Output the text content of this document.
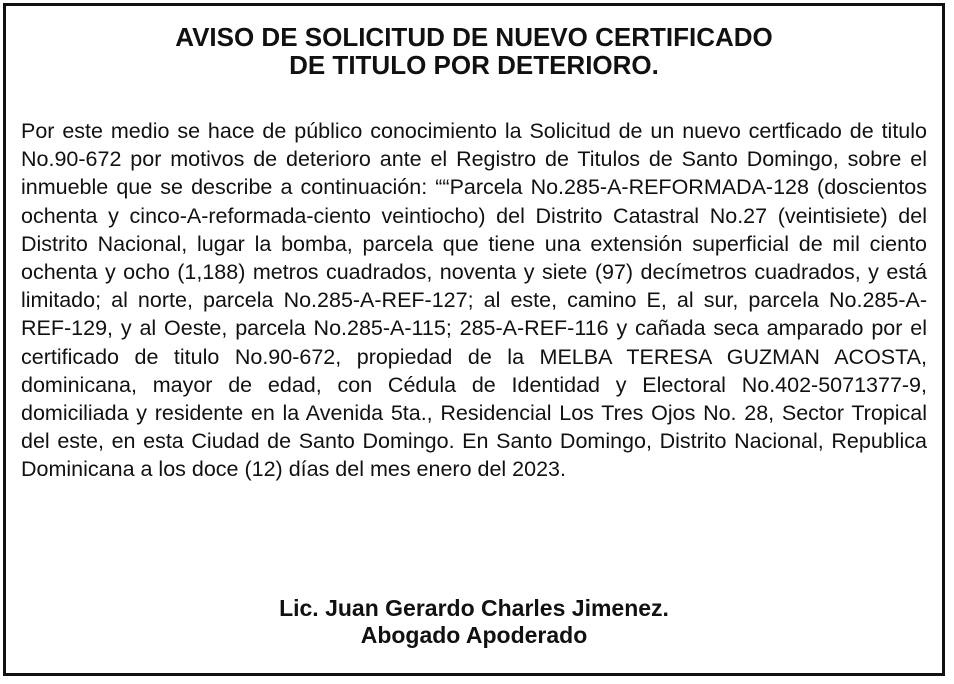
AVISO DE SOLICITUD DE NUEVO CERTIFICADO
DE TITULO POR DETERIORO.

Por este medio se hace de público conocimiento la Solicitud de un nuevo certficado de titulo No.90-672 por motivos de deterioro ante el Registro de Titulos de Santo Domingo, sobre el inmueble que se describe a continuación: ““Parcela No.285-A-REFORMADA-128 (doscientos ochenta y cinco-A-reformada-ciento veintiocho) del Distrito Catastral No.27 (veintisiete) del Distrito Nacional, lugar la bomba, parcela que tiene una extensión superficial de mil ciento ochenta y ocho (1,188) metros cuadrados, noventa y siete (97) decímetros cuadrados, y está limitado; al norte, parcela No.285-A-REF-127; al este, camino E, al sur, parcela No.285-A-REF-129, y al Oeste, parcela No.285-A-115; 285-A-REF-116 y cañada seca amparado por el certificado de titulo No.90-672, propiedad de la MELBA TERESA GUZMAN ACOSTA, dominicana, mayor de edad, con Cédula de Identidad y Electoral No.402-5071377-9, domiciliada y residente en la Avenida 5ta., Residencial Los Tres Ojos No. 28, Sector Tropical del este, en esta Ciudad de Santo Domingo. En Santo Domingo, Distrito Nacional, Republica Dominicana a los doce (12) días del mes enero del 2023.

Lic. Juan Gerardo Charles Jimenez.
Abogado Apoderado
